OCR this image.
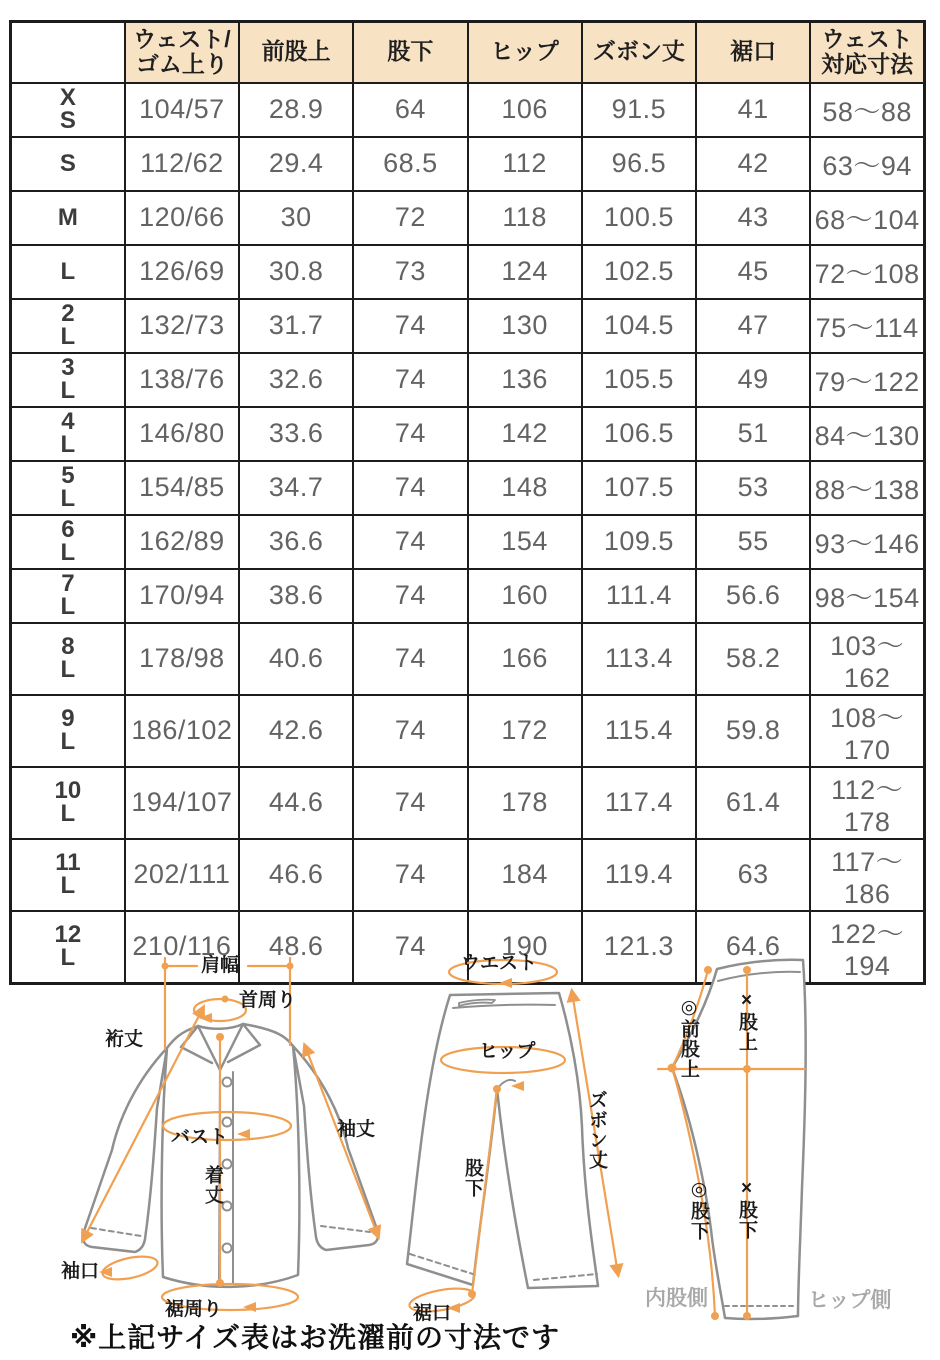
	ウェスト/
ゴム上り	前股上	股下	ヒップ	ズボン丈	裾口	ウェスト
対応寸法
X
S	104/57	28.9	64	106	91.5	41	58〜88
S	112/62	29.4	68.5	112	96.5	42	63〜94
M	120/66	30	72	118	100.5	43	68〜104
L	126/69	30.8	73	124	102.5	45	72〜108
2
L	132/73	31.7	74	130	104.5	47	75〜114
3
L	138/76	32.6	74	136	105.5	49	79〜122
4
L	146/80	33.6	74	142	106.5	51	84〜130
5
L	154/85	34.7	74	148	107.5	53	88〜138
6
L	162/89	36.6	74	154	109.5	55	93〜146
7
L	170/94	38.6	74	160	111.4	56.6	98〜154
8
L	178/98	40.6	74	166	113.4	58.2	103〜162
9
L	186/102	42.6	74	172	115.4	59.8	108〜170
10
L	194/107	44.6	74	178	117.4	61.4	112〜178
11
L	202/111	46.6	74	184	119.4	63	117〜186
12
L	210/116	48.6	74	190	121.3	64.6	122〜194
肩幅
首周り
裄丈
バスト	袖丈
着丈
袖口
裾周り
ウエスト
ヒップ
ズボン丈
股下
裾口
◎前股上 ×股上
◎股下 ×股下
内股側	ヒップ側
※上記サイズ表はお洗濯前の寸法です
